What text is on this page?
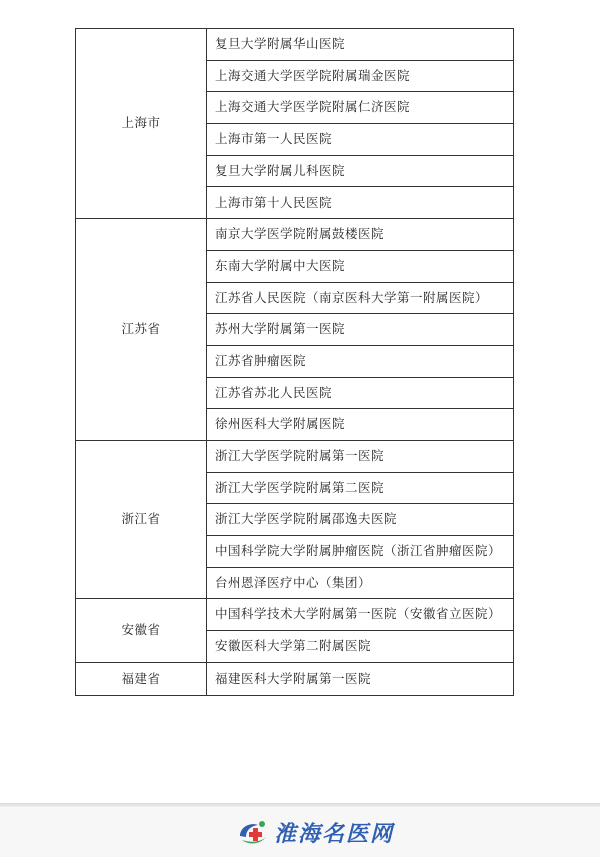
上海市	复旦大学附属华山医院
	上海交通大学医学院附属瑞金医院
	上海交通大学医学院附属仁济医院
	上海市第一人民医院
	复旦大学附属儿科医院
	上海市第十人民医院
江苏省	南京大学医学院附属鼓楼医院
	东南大学附属中大医院
	江苏省人民医院（南京医科大学第一附属医院）
	苏州大学附属第一医院
	江苏省肿瘤医院
	江苏省苏北人民医院
	徐州医科大学附属医院
浙江省	浙江大学医学院附属第一医院
	浙江大学医学院附属第二医院
	浙江大学医学院附属邵逸夫医院
	中国科学院大学附属肿瘤医院（浙江省肿瘤医院）
	台州恩泽医疗中心（集团）
安徽省	中国科学技术大学附属第一医院（安徽省立医院）
	安徽医科大学第二附属医院
福建省	福建医科大学附属第一医院
淮海名医网
